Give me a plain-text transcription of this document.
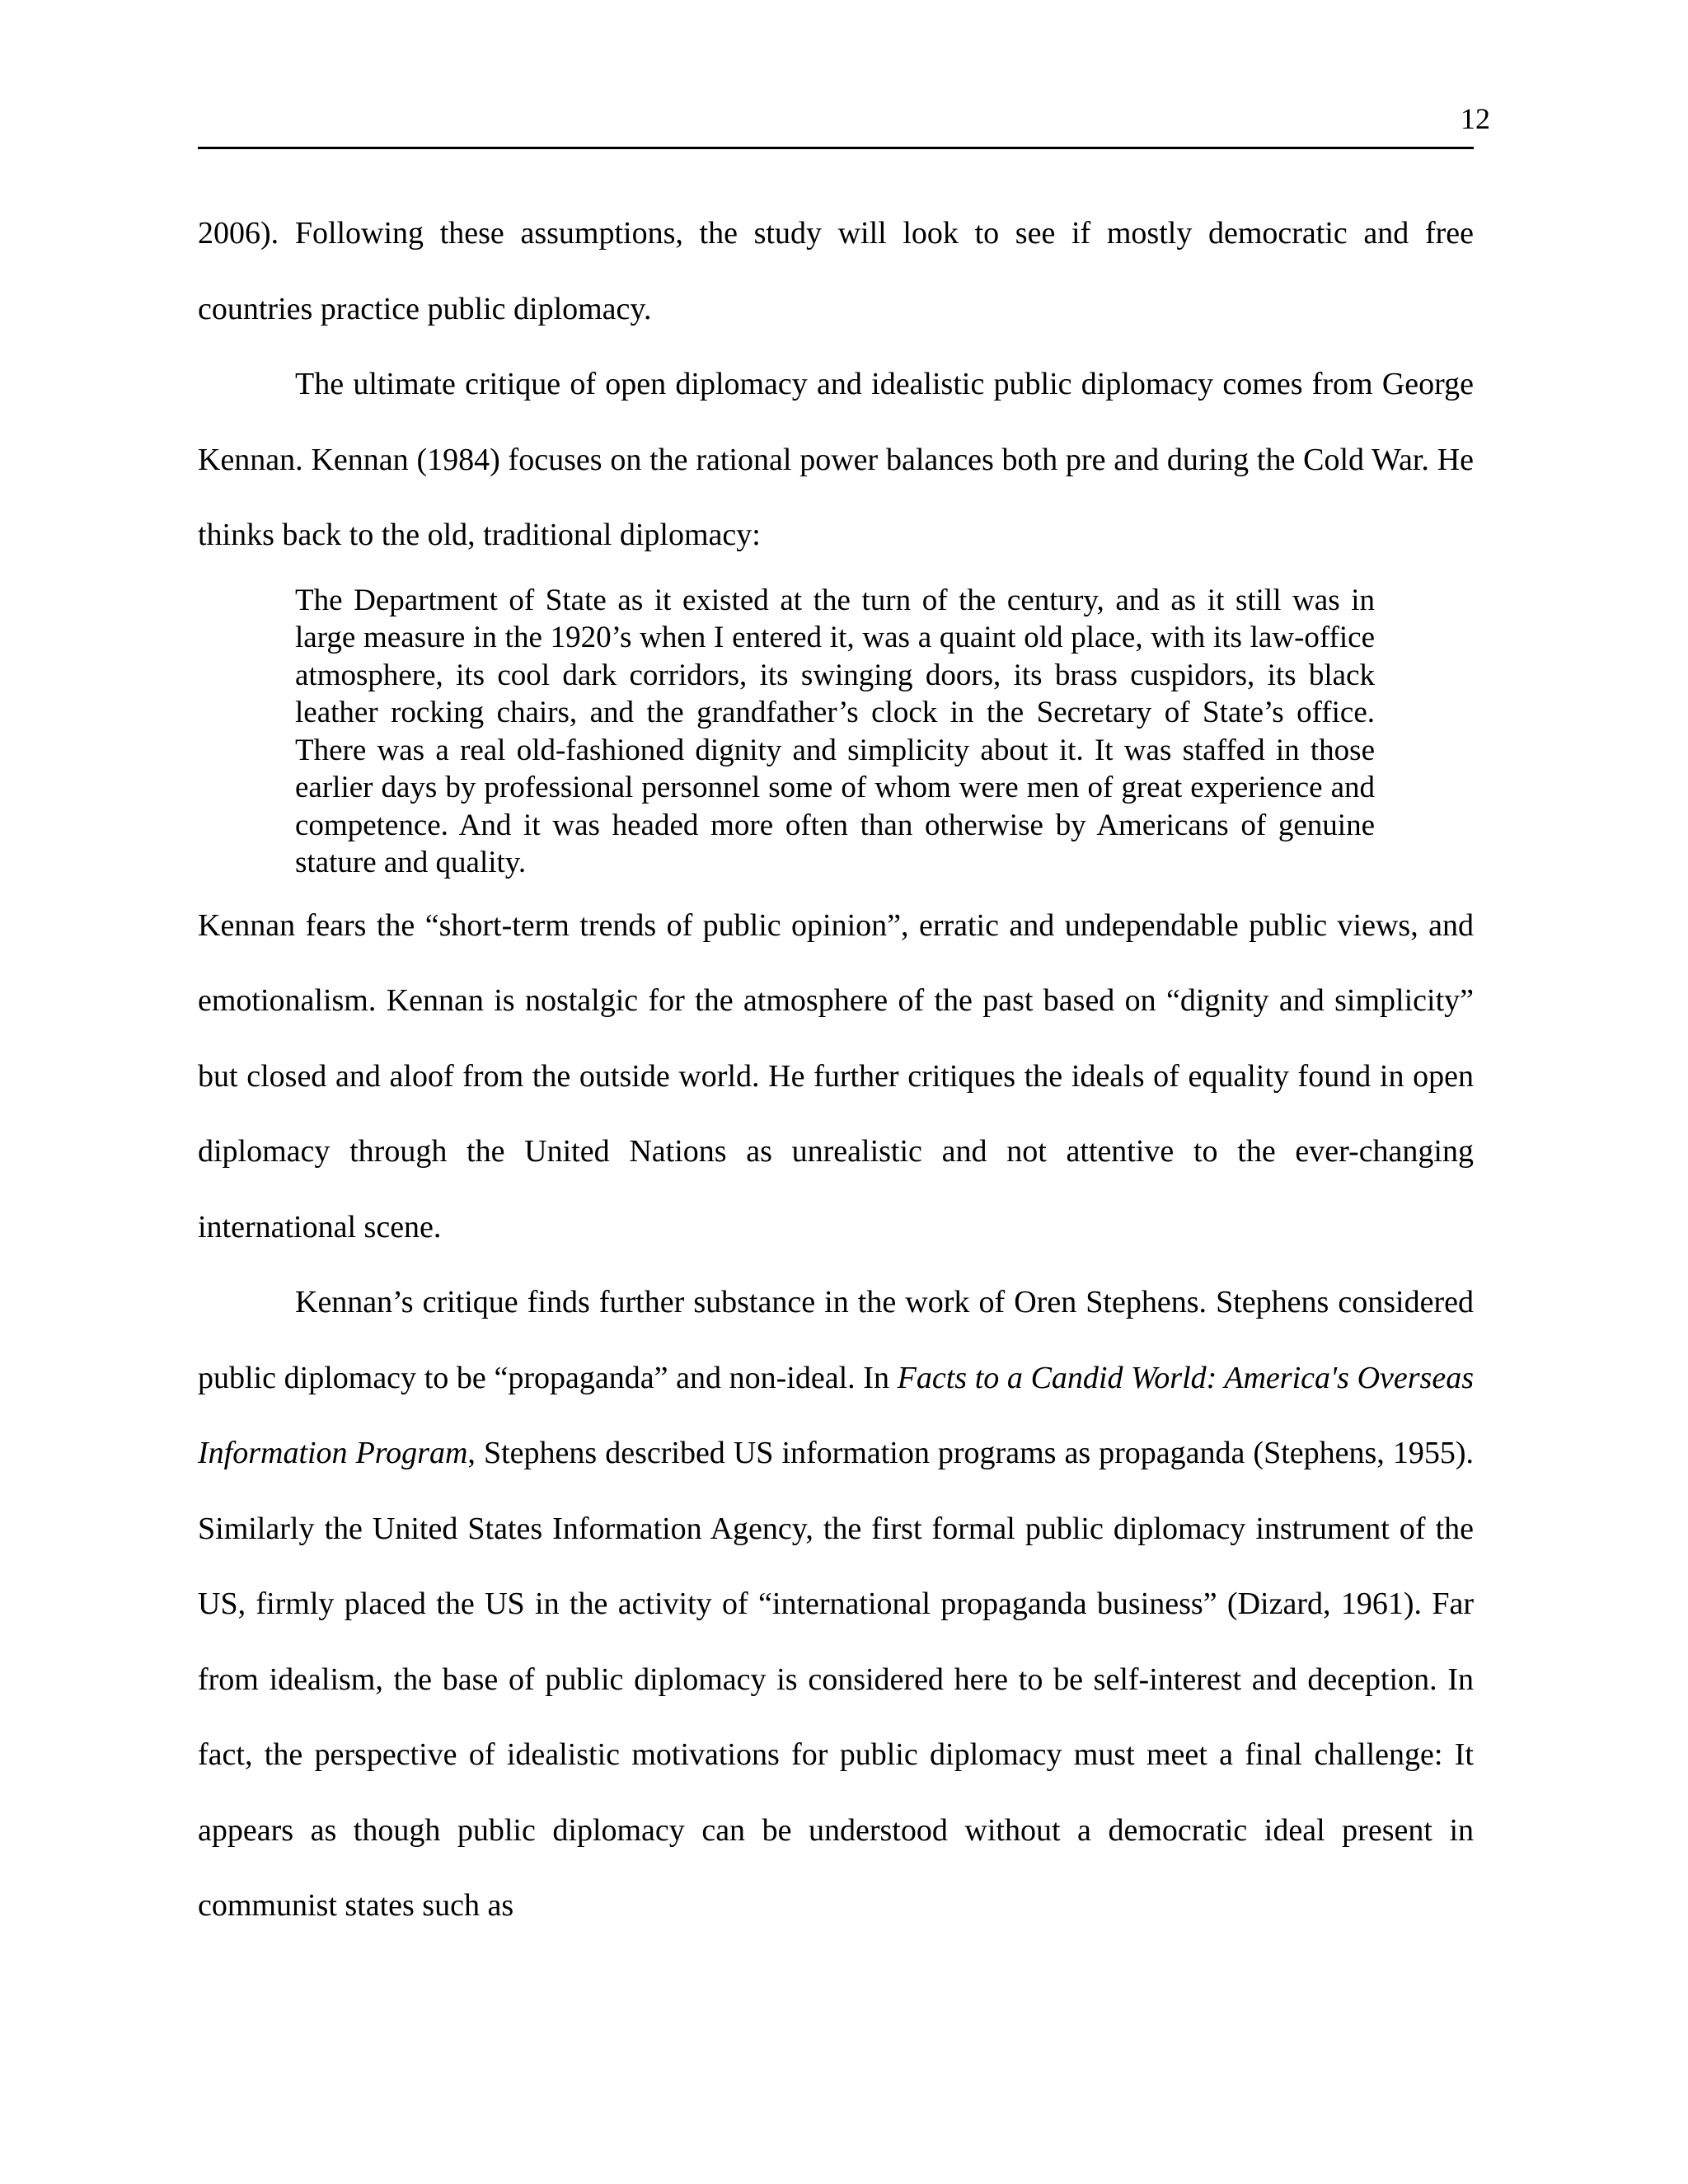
12

2006). Following these assumptions, the study will look to see if mostly democratic and free countries practice public diplomacy.

The ultimate critique of open diplomacy and idealistic public diplomacy comes from George Kennan. Kennan (1984) focuses on the rational power balances both pre and during the Cold War. He thinks back to the old, traditional diplomacy:

The Department of State as it existed at the turn of the century, and as it still was in large measure in the 1920’s when I entered it, was a quaint old place, with its law-office atmosphere, its cool dark corridors, its swinging doors, its brass cuspidors, its black leather rocking chairs, and the grandfather’s clock in the Secretary of State’s office. There was a real old-fashioned dignity and simplicity about it. It was staffed in those earlier days by professional personnel some of whom were men of great experience and competence. And it was headed more often than otherwise by Americans of genuine stature and quality.

Kennan fears the “short-term trends of public opinion”, erratic and undependable public views, and emotionalism. Kennan is nostalgic for the atmosphere of the past based on “dignity and simplicity” but closed and aloof from the outside world. He further critiques the ideals of equality found in open diplomacy through the United Nations as unrealistic and not attentive to the ever-changing international scene.

Kennan’s critique finds further substance in the work of Oren Stephens. Stephens considered public diplomacy to be “propaganda” and non-ideal. In Facts to a Candid World: America's Overseas Information Program, Stephens described US information programs as propaganda (Stephens, 1955). Similarly the United States Information Agency, the first formal public diplomacy instrument of the US, firmly placed the US in the activity of “international propaganda business” (Dizard, 1961). Far from idealism, the base of public diplomacy is considered here to be self-interest and deception. In fact, the perspective of idealistic motivations for public diplomacy must meet a final challenge: It appears as though public diplomacy can be understood without a democratic ideal present in communist states such as
